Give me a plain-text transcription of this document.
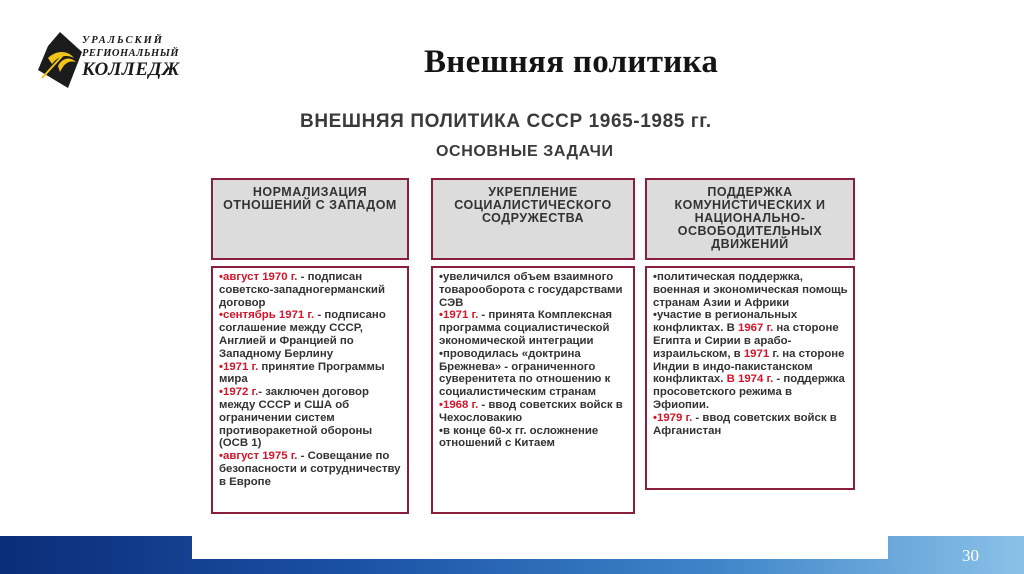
УРАЛЬСКИЙ
РЕГИОНАЛЬНЫЙ
КОЛЛЕДЖ	Внешняя политика
ВНЕШНЯЯ ПОЛИТИКА СССР 1965-1985 гг.
ОСНОВНЫЕ ЗАДАЧИ
НОРМАЛИЗАЦИЯ ОТНОШЕНИЙ С ЗАПАДОМ
УКРЕПЛЕНИЕ СОЦИАЛИСТИЧЕСКОГО СОДРУЖЕСТВА
ПОДДЕРЖКА КОМУНИСТИЧЕСКИХ И НАЦИОНАЛЬНО-ОСВОБОДИТЕЛЬНЫХ ДВИЖЕНИЙ

•август 1970 г. - подписан советско-западногерманский договор

•сентябрь 1971 г. - подписано соглашение между СССР, Англией и Францией по Западному Берлину

•1971 г. принятие Программы мира

•1972 г.- заключен договор между СССР и США об ограничении систем противоракетной обороны (ОСВ 1)

•август 1975 г. - Совещание по безопасности и сотрудничеству в Европе

•увеличился объем взаимного товарооборота с государствами СЭВ

•1971 г. - принята Комплексная программа социалистической экономической интеграции

•проводилась «доктрина Брежнева» - ограниченного суверенитета по отношению к социалистическим странам

•1968 г. - ввод советских войск в Чехословакию

•в конце 60-х гг. осложнение отношений с Китаем

•политическая поддержка, военная и экономическая помощь странам Азии и Африки

•участие в региональных конфликтах. В 1967 г. на стороне Египта и Сирии в арабо-израильском, в 1971 г. на стороне Индии в индо-пакистанском конфликтах. В 1974 г. - поддержка просоветского режима в Эфиопии.

•1979 г. - ввод советских войск в Афганистан

30
